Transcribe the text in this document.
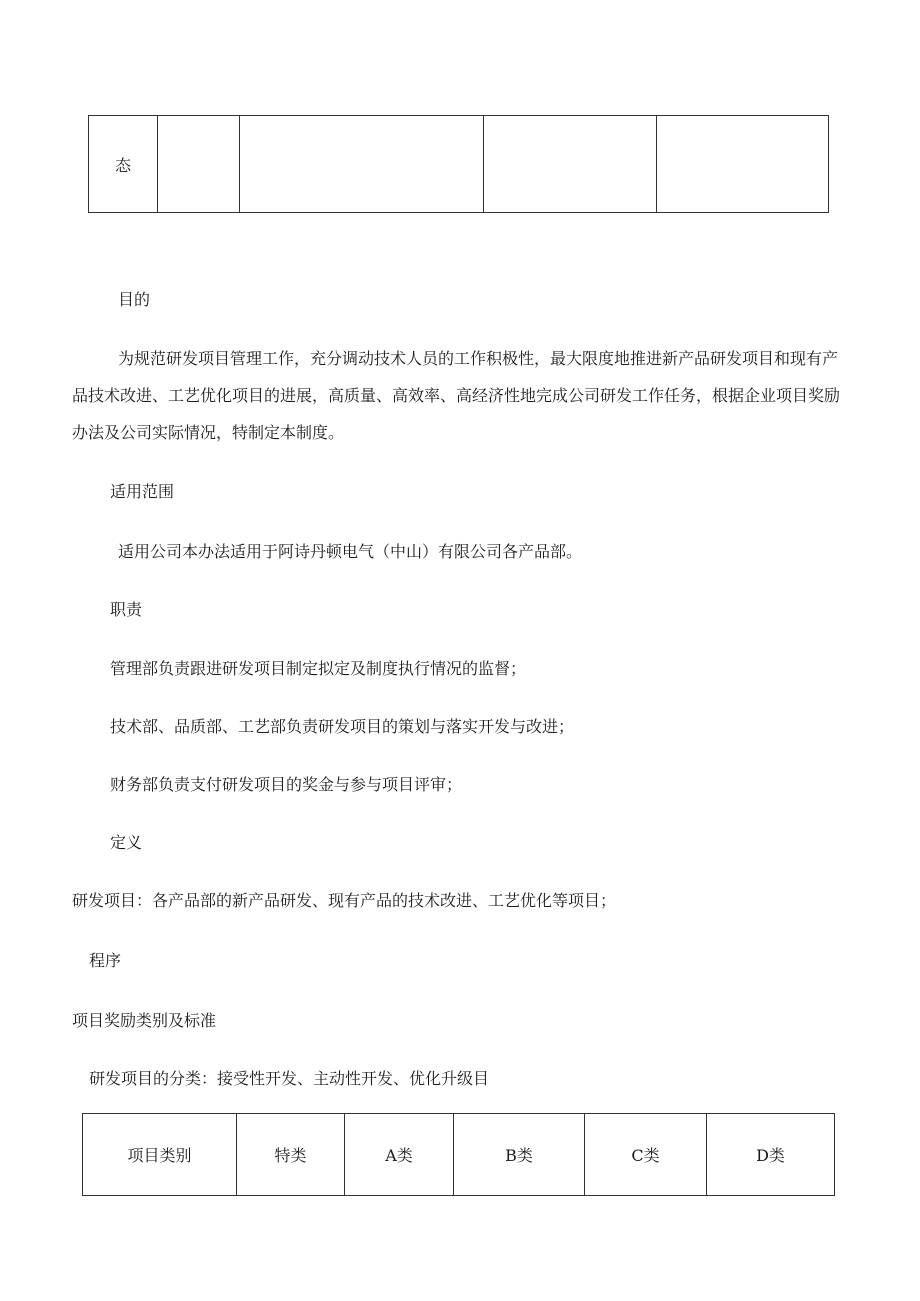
态				
目的
为规范研发项目管理工作，充分调动技术人员的工作积极性，最大限度地推进新产品研发项目和现有产品技术改进、工艺优化项目的进展，高质量、高效率、高经济性地完成公司研发工作任务，根据企业项目奖励办法及公司实际情况，特制定本制度。
适用范围
适用公司本办法适用于阿诗丹顿电气（中山）有限公司各产品部。
职责
管理部负责跟进研发项目制定拟定及制度执行情况的监督；
技术部、品质部、工艺部负责研发项目的策划与落实开发与改进；
财务部负责支付研发项目的奖金与参与项目评审；
定义
研发项目：各产品部的新产品研发、现有产品的技术改进、工艺优化等项目；
程序
项目奖励类别及标准
研发项目的分类：接受性开发、主动性开发、优化升级目
项目类别	特类	A类	B类	C类	D类
